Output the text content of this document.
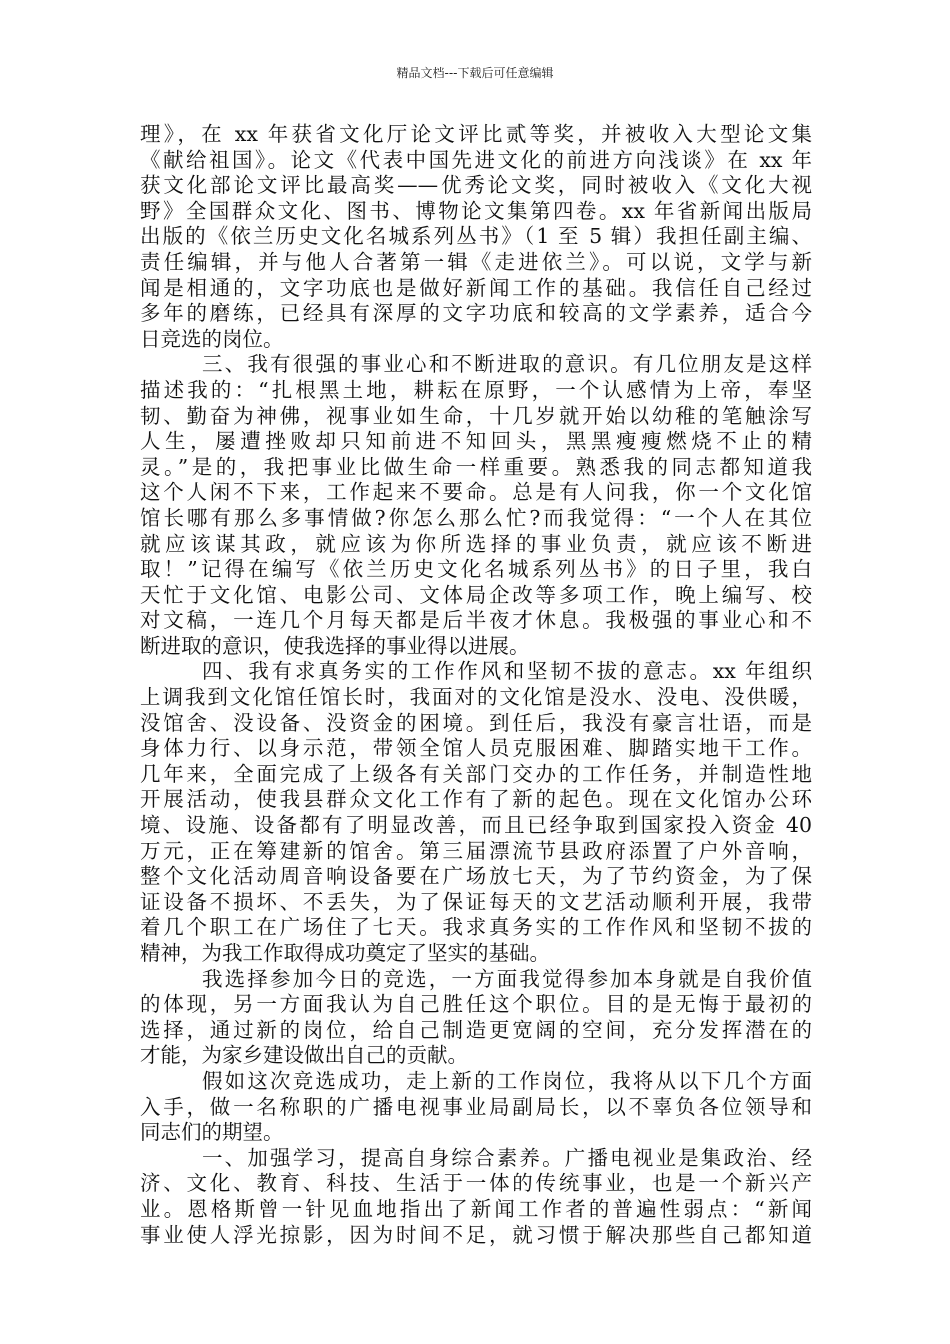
精品文档---下载后可任意编辑
理》，在 xx 年获省文化厅论文评比贰等奖，并被收入大型论文集
《献给祖国》。论文《代表中国先进文化的前进方向浅谈》在 xx 年
获文化部论文评比最高奖——优秀论文奖，同时被收入《文化大视
野》全国群众文化、图书、博物论文集第四卷。xx 年省新闻出版局
出版的《依兰历史文化名城系列丛书》（1 至 5 辑）我担任副主编、
责任编辑，并与他人合著第一辑《走进依兰》。可以说，文学与新
闻是相通的，文字功底也是做好新闻工作的基础。我信任自己经过
多年的磨练，已经具有深厚的文字功底和较高的文学素养，适合今
日竞选的岗位。
三、我有很强的事业心和不断进取的意识。有几位朋友是这样
描述我的：“扎根黑土地，耕耘在原野，一个认感情为上帝，奉坚
韧、勤奋为神佛，视事业如生命，十几岁就开始以幼稚的笔触涂写
人生，屡遭挫败却只知前进不知回头，黑黑瘦瘦燃烧不止的精
灵。”是的，我把事业比做生命一样重要。熟悉我的同志都知道我
这个人闲不下来，工作起来不要命。总是有人问我，你一个文化馆
馆长哪有那么多事情做?你怎么那么忙?而我觉得：“一个人在其位
就应该谋其政，就应该为你所选择的事业负责，就应该不断进
取！”记得在编写《依兰历史文化名城系列丛书》的日子里，我白
天忙于文化馆、电影公司、文体局企改等多项工作，晚上编写、校
对文稿，一连几个月每天都是后半夜才休息。我极强的事业心和不
断进取的意识，使我选择的事业得以进展。
四、我有求真务实的工作作风和坚韧不拔的意志。xx 年组织
上调我到文化馆任馆长时，我面对的文化馆是没水、没电、没供暖，
没馆舍、没设备、没资金的困境。到任后，我没有豪言壮语，而是
身体力行、以身示范，带领全馆人员克服困难、脚踏实地干工作。
几年来，全面完成了上级各有关部门交办的工作任务，并制造性地
开展活动，使我县群众文化工作有了新的起色。现在文化馆办公环
境、设施、设备都有了明显改善，而且已经争取到国家投入资金 40
万元，正在筹建新的馆舍。第三届漂流节县政府添置了户外音响，
整个文化活动周音响设备要在广场放七天，为了节约资金，为了保
证设备不损坏、不丢失，为了保证每天的文艺活动顺利开展，我带
着几个职工在广场住了七天。我求真务实的工作作风和坚韧不拔的
精神，为我工作取得成功奠定了坚实的基础。
我选择参加今日的竞选，一方面我觉得参加本身就是自我价值
的体现，另一方面我认为自己胜任这个职位。目的是无悔于最初的
选择，通过新的岗位，给自己制造更宽阔的空间，充分发挥潜在的
才能，为家乡建设做出自己的贡献。
假如这次竞选成功，走上新的工作岗位，我将从以下几个方面
入手，做一名称职的广播电视事业局副局长，以不辜负各位领导和
同志们的期望。
一、加强学习，提高自身综合素养。广播电视业是集政治、经
济、文化、教育、科技、生活于一体的传统事业，也是一个新兴产
业。恩格斯曾一针见血地指出了新闻工作者的普遍性弱点：“新闻
事业使人浮光掠影，因为时间不足，就习惯于解决那些自己都知道
